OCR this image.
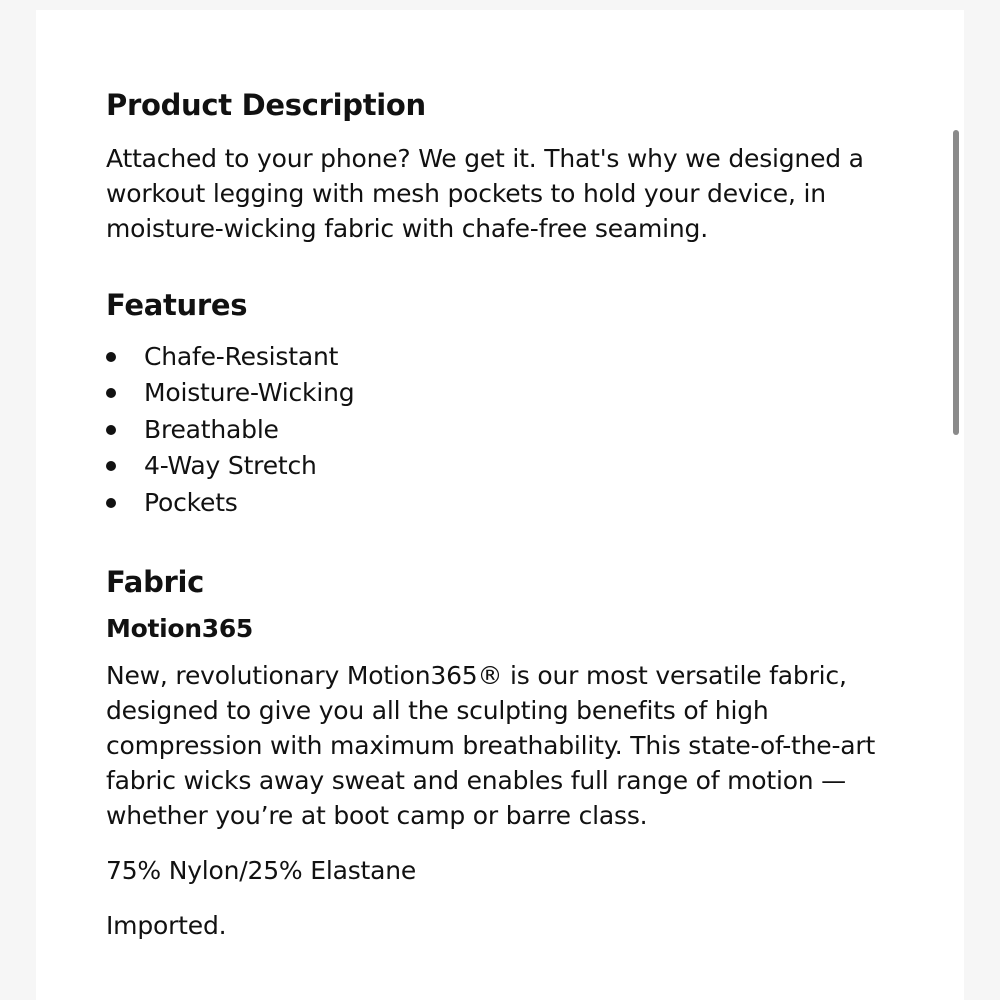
Product Description

Attached to your phone? We get it. That's why we designed a workout legging with mesh pockets to hold your device, in moisture-wicking fabric with chafe-free seaming.

Features
Chafe-Resistant
Moisture-Wicking
Breathable
4-Way Stretch
Pockets
Fabric
Motion365

New, revolutionary Motion365® is our most versatile fabric, designed to give you all the sculpting benefits of high compression with maximum breathability. This state-of-the-art fabric wicks away sweat and enables full range of motion —whether you’re at boot camp or barre class.

75% Nylon/25% Elastane

Imported.
